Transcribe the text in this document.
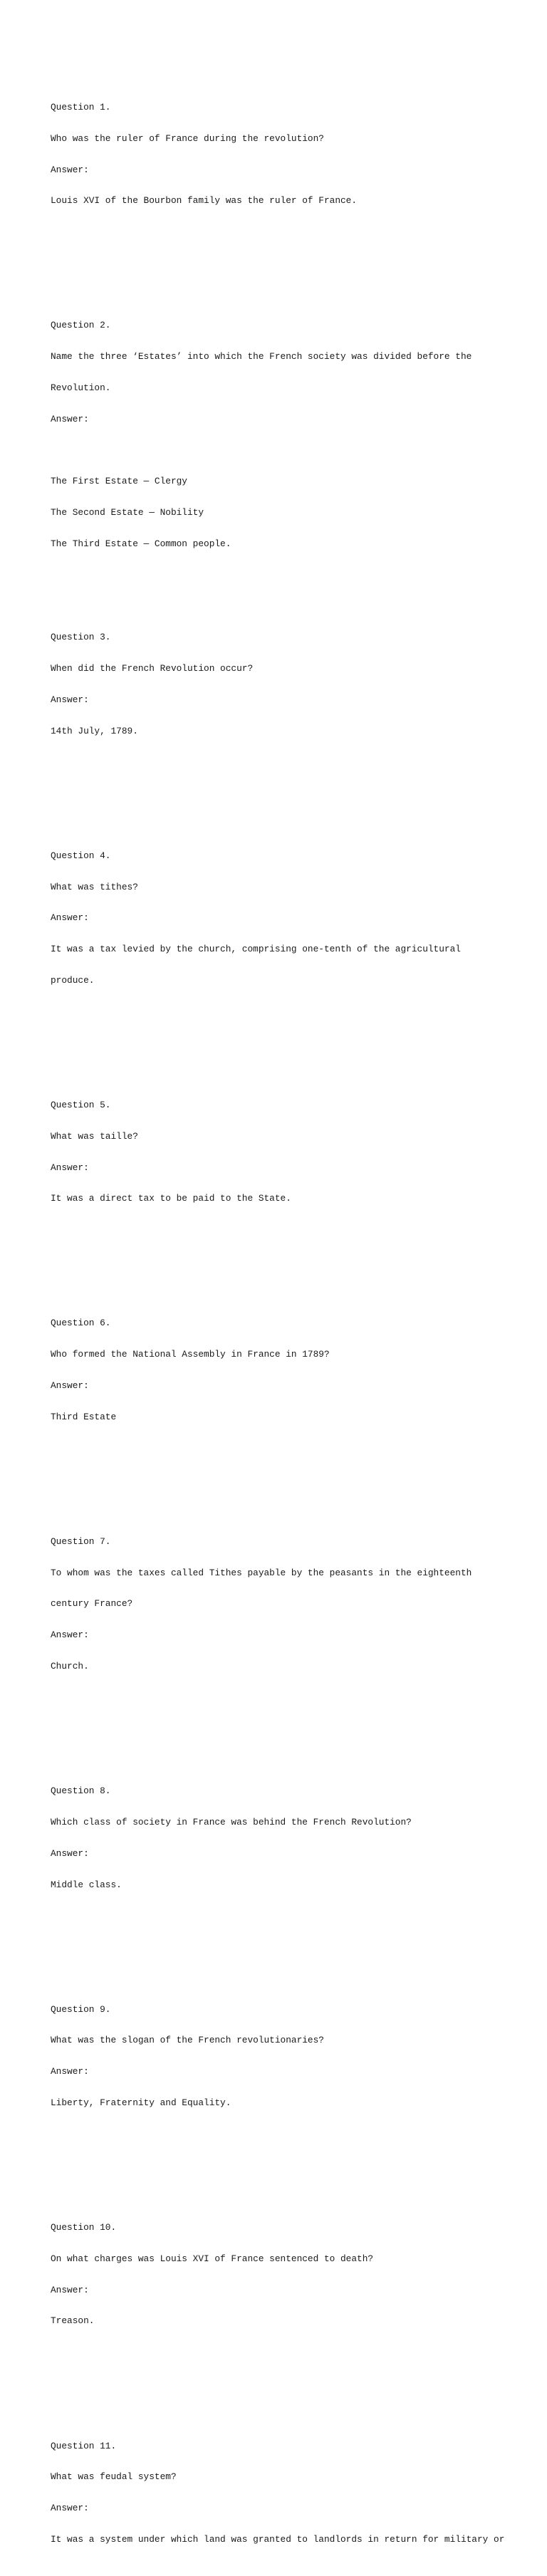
Question 1.

Who was the ruler of France during the revolution?

Answer:

Louis XVI of the Bourbon family was the ruler of France.

Question 2.

Name the three ‘Estates’ into which the French society was divided before the

Revolution.

Answer:

The First Estate — Clergy

The Second Estate — Nobility

The Third Estate — Common people.

Question 3.

When did the French Revolution occur?

Answer:

14th July, 1789.

Question 4.

What was tithes?

Answer:

It was a tax levied by the church, comprising one-tenth of the agricultural

produce.

Question 5.

What was taille?

Answer:

It was a direct tax to be paid to the State.

Question 6.

Who formed the National Assembly in France in 1789?

Answer:

Third Estate

Question 7.

To whom was the taxes called Tithes payable by the peasants in the eighteenth

century France?

Answer:

Church.

Question 8.

Which class of society in France was behind the French Revolution?

Answer:

Middle class.

Question 9.

What was the slogan of the French revolutionaries?

Answer:

Liberty, Fraternity and Equality.

Question 10.

On what charges was Louis XVI of France sentenced to death?

Answer:

Treason.

Question 11.

What was feudal system?

Answer:

It was a system under which land was granted to landlords in return for military or
